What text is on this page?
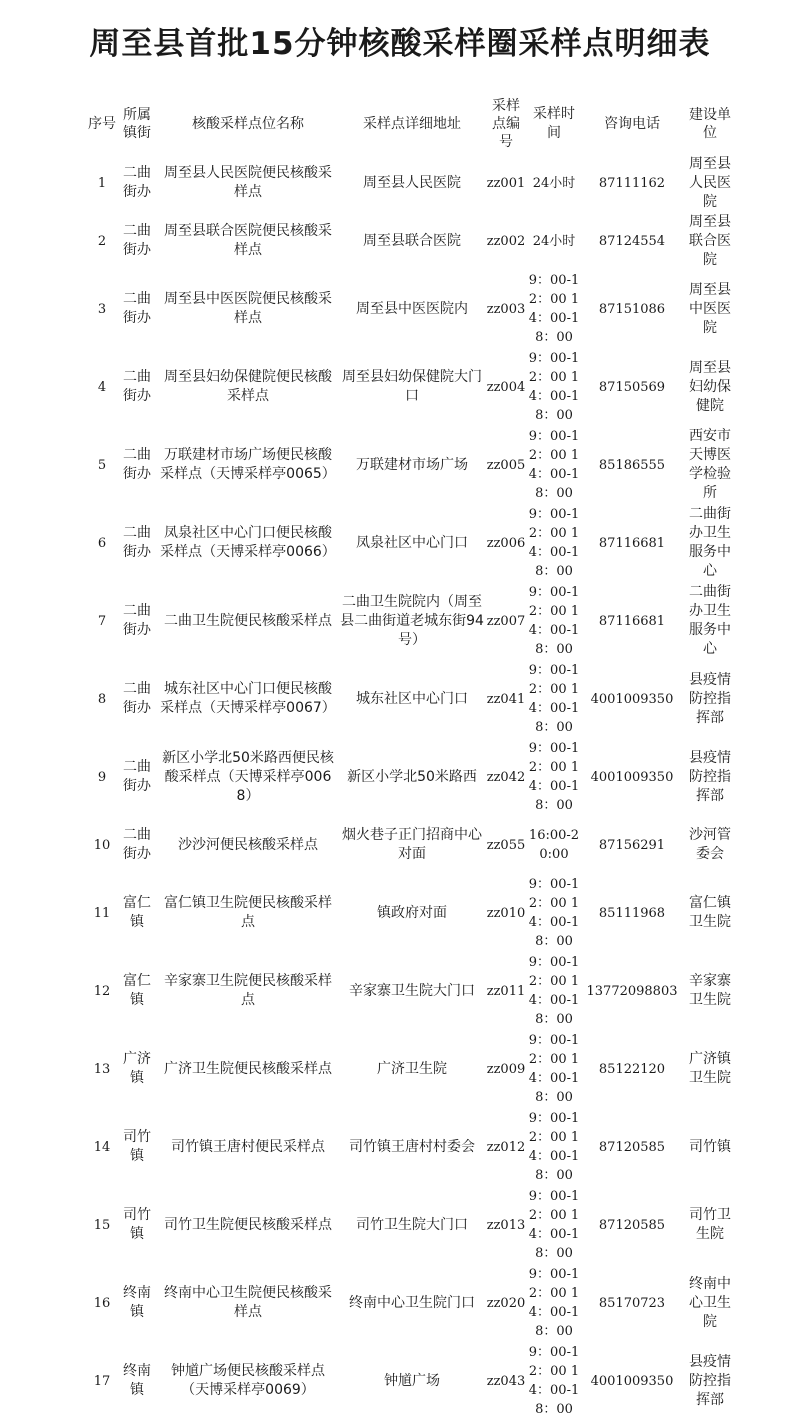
周至县首批15分钟核酸采样圈采样点明细表
序号	所属镇街	核酸采样点位名称	采样点详细地址	采样点编号	采样时间	咨询电话	建设单位

1	二曲街办	周至县人民医院便民核酸采样点	周至县人民医院	zz001	24小时	87111162	周至县人民医院

2	二曲街办	周至县联合医院便民核酸采样点	周至县联合医院	zz002	24小时	87124554	周至县联合医院

3	二曲街办	周至县中医医院便民核酸采样点	周至县中医医院内	zz003	9：00-12：00 14：00-18：00	87151086	周至县中医医院

4	二曲街办	周至县妇幼保健院便民核酸采样点	周至县妇幼保健院大门口	zz004	9：00-12：00 14：00-18：00	87150569	周至县妇幼保健院

5	二曲街办	万联建材市场广场便民核酸采样点（天博采样亭0065）	万联建材市场广场	zz005	9：00-12：00 14：00-18：00	85186555	西安市天博医学检验所

6	二曲街办	凤泉社区中心门口便民核酸采样点（天博采样亭0066）	凤泉社区中心门口	zz006	9：00-12：00 14：00-18：00	87116681	二曲街办卫生服务中心

7	二曲街办	二曲卫生院便民核酸采样点	二曲卫生院院内（周至县二曲街道老城东街94号）	zz007	9：00-12：00 14：00-18：00	87116681	二曲街办卫生服务中心

8	二曲街办	城东社区中心门口便民核酸采样点（天博采样亭0067）	城东社区中心门口	zz041	9：00-12：00 14：00-18：00	4001009350	县疫情防控指挥部

9	二曲街办	新区小学北50米路西便民核酸采样点（天博采样亭0068）	新区小学北50米路西	zz042	9：00-12：00 14：00-18：00	4001009350	县疫情防控指挥部

10	二曲街办	沙沙河便民核酸采样点	烟火巷子正门招商中心对面	zz055	16:00-20:00	87156291	沙河管委会

11	富仁镇	富仁镇卫生院便民核酸采样点	镇政府对面	zz010	9：00-12：00 14：00-18：00	85111968	富仁镇卫生院

12	富仁镇	辛家寨卫生院便民核酸采样点	辛家寨卫生院大门口	zz011	9：00-12：00 14：00-18：00	13772098803	辛家寨卫生院

13	广济镇	广济卫生院便民核酸采样点	广济卫生院	zz009	9：00-12：00 14：00-18：00	85122120	广济镇卫生院

14	司竹镇	司竹镇王唐村便民采样点	司竹镇王唐村村委会	zz012	9：00-12：00 14：00-18：00	87120585	司竹镇

15	司竹镇	司竹卫生院便民核酸采样点	司竹卫生院大门口	zz013	9：00-12：00 14：00-18：00	87120585	司竹卫生院

16	终南镇	终南中心卫生院便民核酸采样点	终南中心卫生院门口	zz020	9：00-12：00 14：00-18：00	85170723	终南中心卫生院

17	终南镇	钟馗广场便民核酸采样点（天博采样亭0069）	钟馗广场	zz043	9：00-12：00 14：00-18：00	4001009350	县疫情防控指挥部
